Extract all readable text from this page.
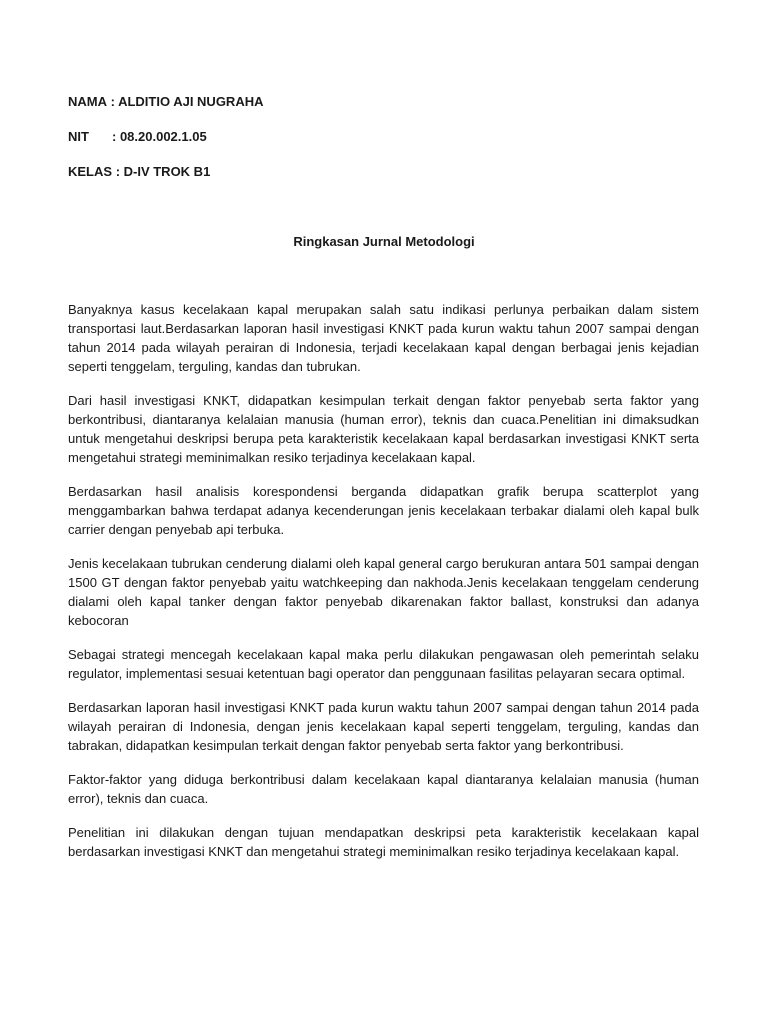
NAMA : ALDITIO AJI NUGRAHA
NIT : 08.20.002.1.05
KELAS : D-IV TROK B1
Ringkasan Jurnal Metodologi

Banyaknya kasus kecelakaan kapal merupakan salah satu indikasi perlunya perbaikan dalam sistem transportasi laut.Berdasarkan laporan hasil investigasi KNKT pada kurun waktu tahun 2007 sampai dengan tahun 2014 pada wilayah perairan di Indonesia, terjadi kecelakaan kapal dengan berbagai jenis kejadian seperti tenggelam, terguling, kandas dan tubrukan.

Dari hasil investigasi KNKT, didapatkan kesimpulan terkait dengan faktor penyebab serta faktor yang berkontribusi, diantaranya kelalaian manusia (human error), teknis dan cuaca.Penelitian ini dimaksudkan untuk mengetahui deskripsi berupa peta karakteristik kecelakaan kapal berdasarkan investigasi KNKT serta mengetahui strategi meminimalkan resiko terjadinya kecelakaan kapal.

Berdasarkan hasil analisis korespondensi berganda didapatkan grafik berupa scatterplot yang menggambarkan bahwa terdapat adanya kecenderungan jenis kecelakaan terbakar dialami oleh kapal bulk carrier dengan penyebab api terbuka.

Jenis kecelakaan tubrukan cenderung dialami oleh kapal general cargo berukuran antara 501 sampai dengan 1500 GT dengan faktor penyebab yaitu watchkeeping dan nakhoda.Jenis kecelakaan tenggelam cenderung dialami oleh kapal tanker dengan faktor penyebab dikarenakan faktor ballast, konstruksi dan adanya kebocoran

Sebagai strategi mencegah kecelakaan kapal maka perlu dilakukan pengawasan oleh pemerintah selaku regulator, implementasi sesuai ketentuan bagi operator dan penggunaan fasilitas pelayaran secara optimal.

Berdasarkan laporan hasil investigasi KNKT pada kurun waktu tahun 2007 sampai dengan tahun 2014 pada wilayah perairan di Indonesia, dengan jenis kecelakaan kapal seperti tenggelam, terguling, kandas dan tabrakan, didapatkan kesimpulan terkait dengan faktor penyebab serta faktor yang berkontribusi.

Faktor-faktor yang diduga berkontribusi dalam kecelakaan kapal diantaranya kelalaian manusia (human error), teknis dan cuaca.

Penelitian ini dilakukan dengan tujuan mendapatkan deskripsi peta karakteristik kecelakaan kapal berdasarkan investigasi KNKT dan mengetahui strategi meminimalkan resiko terjadinya kecelakaan kapal.
